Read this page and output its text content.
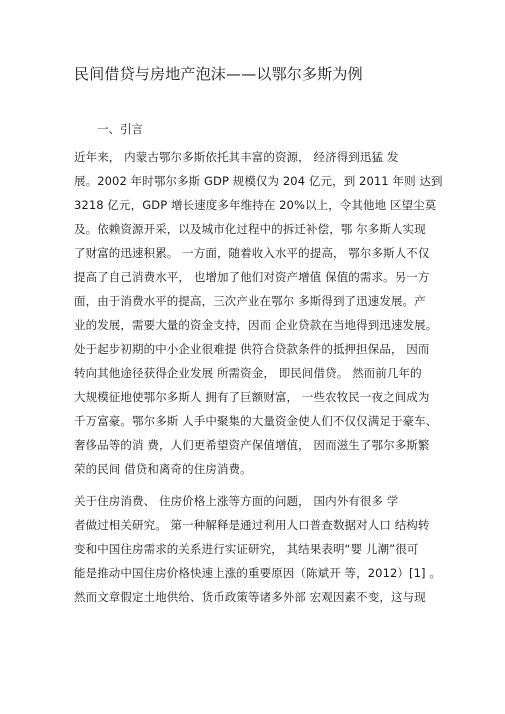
民间借贷与房地产泡沫——以鄂尔多斯为例
一、引言
近年来， 内蒙古鄂尔多斯依托其丰富的资源， 经济得到迅猛 发
展。2002 年时鄂尔多斯 GDP 规模仅为 204 亿元，到 2011 年则 达到
3218 亿元，GDP 增长速度多年维持在 20%以上，令其他地 区望尘莫
及。依赖资源开采，以及城市化过程中的拆迁补偿，鄂 尔多斯人实现
了财富的迅速积累。 一方面，随着收入水平的提高， 鄂尔多斯人不仅
提高了自己消费水平， 也增加了他们对资产增值 保值的需求。另一方
面，由于消费水平的提高，三次产业在鄂尔 多斯得到了迅速发展。产
业的发展，需要大量的资金支持，因而 企业贷款在当地得到迅速发展。
处于起步初期的中小企业很难提 供符合贷款条件的抵押担保品， 因而
转向其他途径获得企业发展 所需资金， 即民间借贷。 然而前几年的
大规模征地使鄂尔多斯人 拥有了巨额财富， 一些农牧民一夜之间成为
千万富豪。鄂尔多斯 人手中聚集的大量资金使人们不仅仅满足于豪车、
奢侈品等的消 费，人们更希望资产保值增值， 因而滋生了鄂尔多斯繁
荣的民间 借贷和离奇的住房消费。
关于住房消费、 住房价格上涨等方面的问题， 国内外有很多 学
者做过相关研究。 第一种解释是通过利用人口普查数据对人口 结构转
变和中国住房需求的关系进行实证研究， 其结果表明“婴 儿潮”很可
能是推动中国住房价格快速上涨的重要原因（陈斌开 等，2012）[1] 。
然而文章假定土地供给、货币政策等诸多外部 宏观因素不变，这与现
